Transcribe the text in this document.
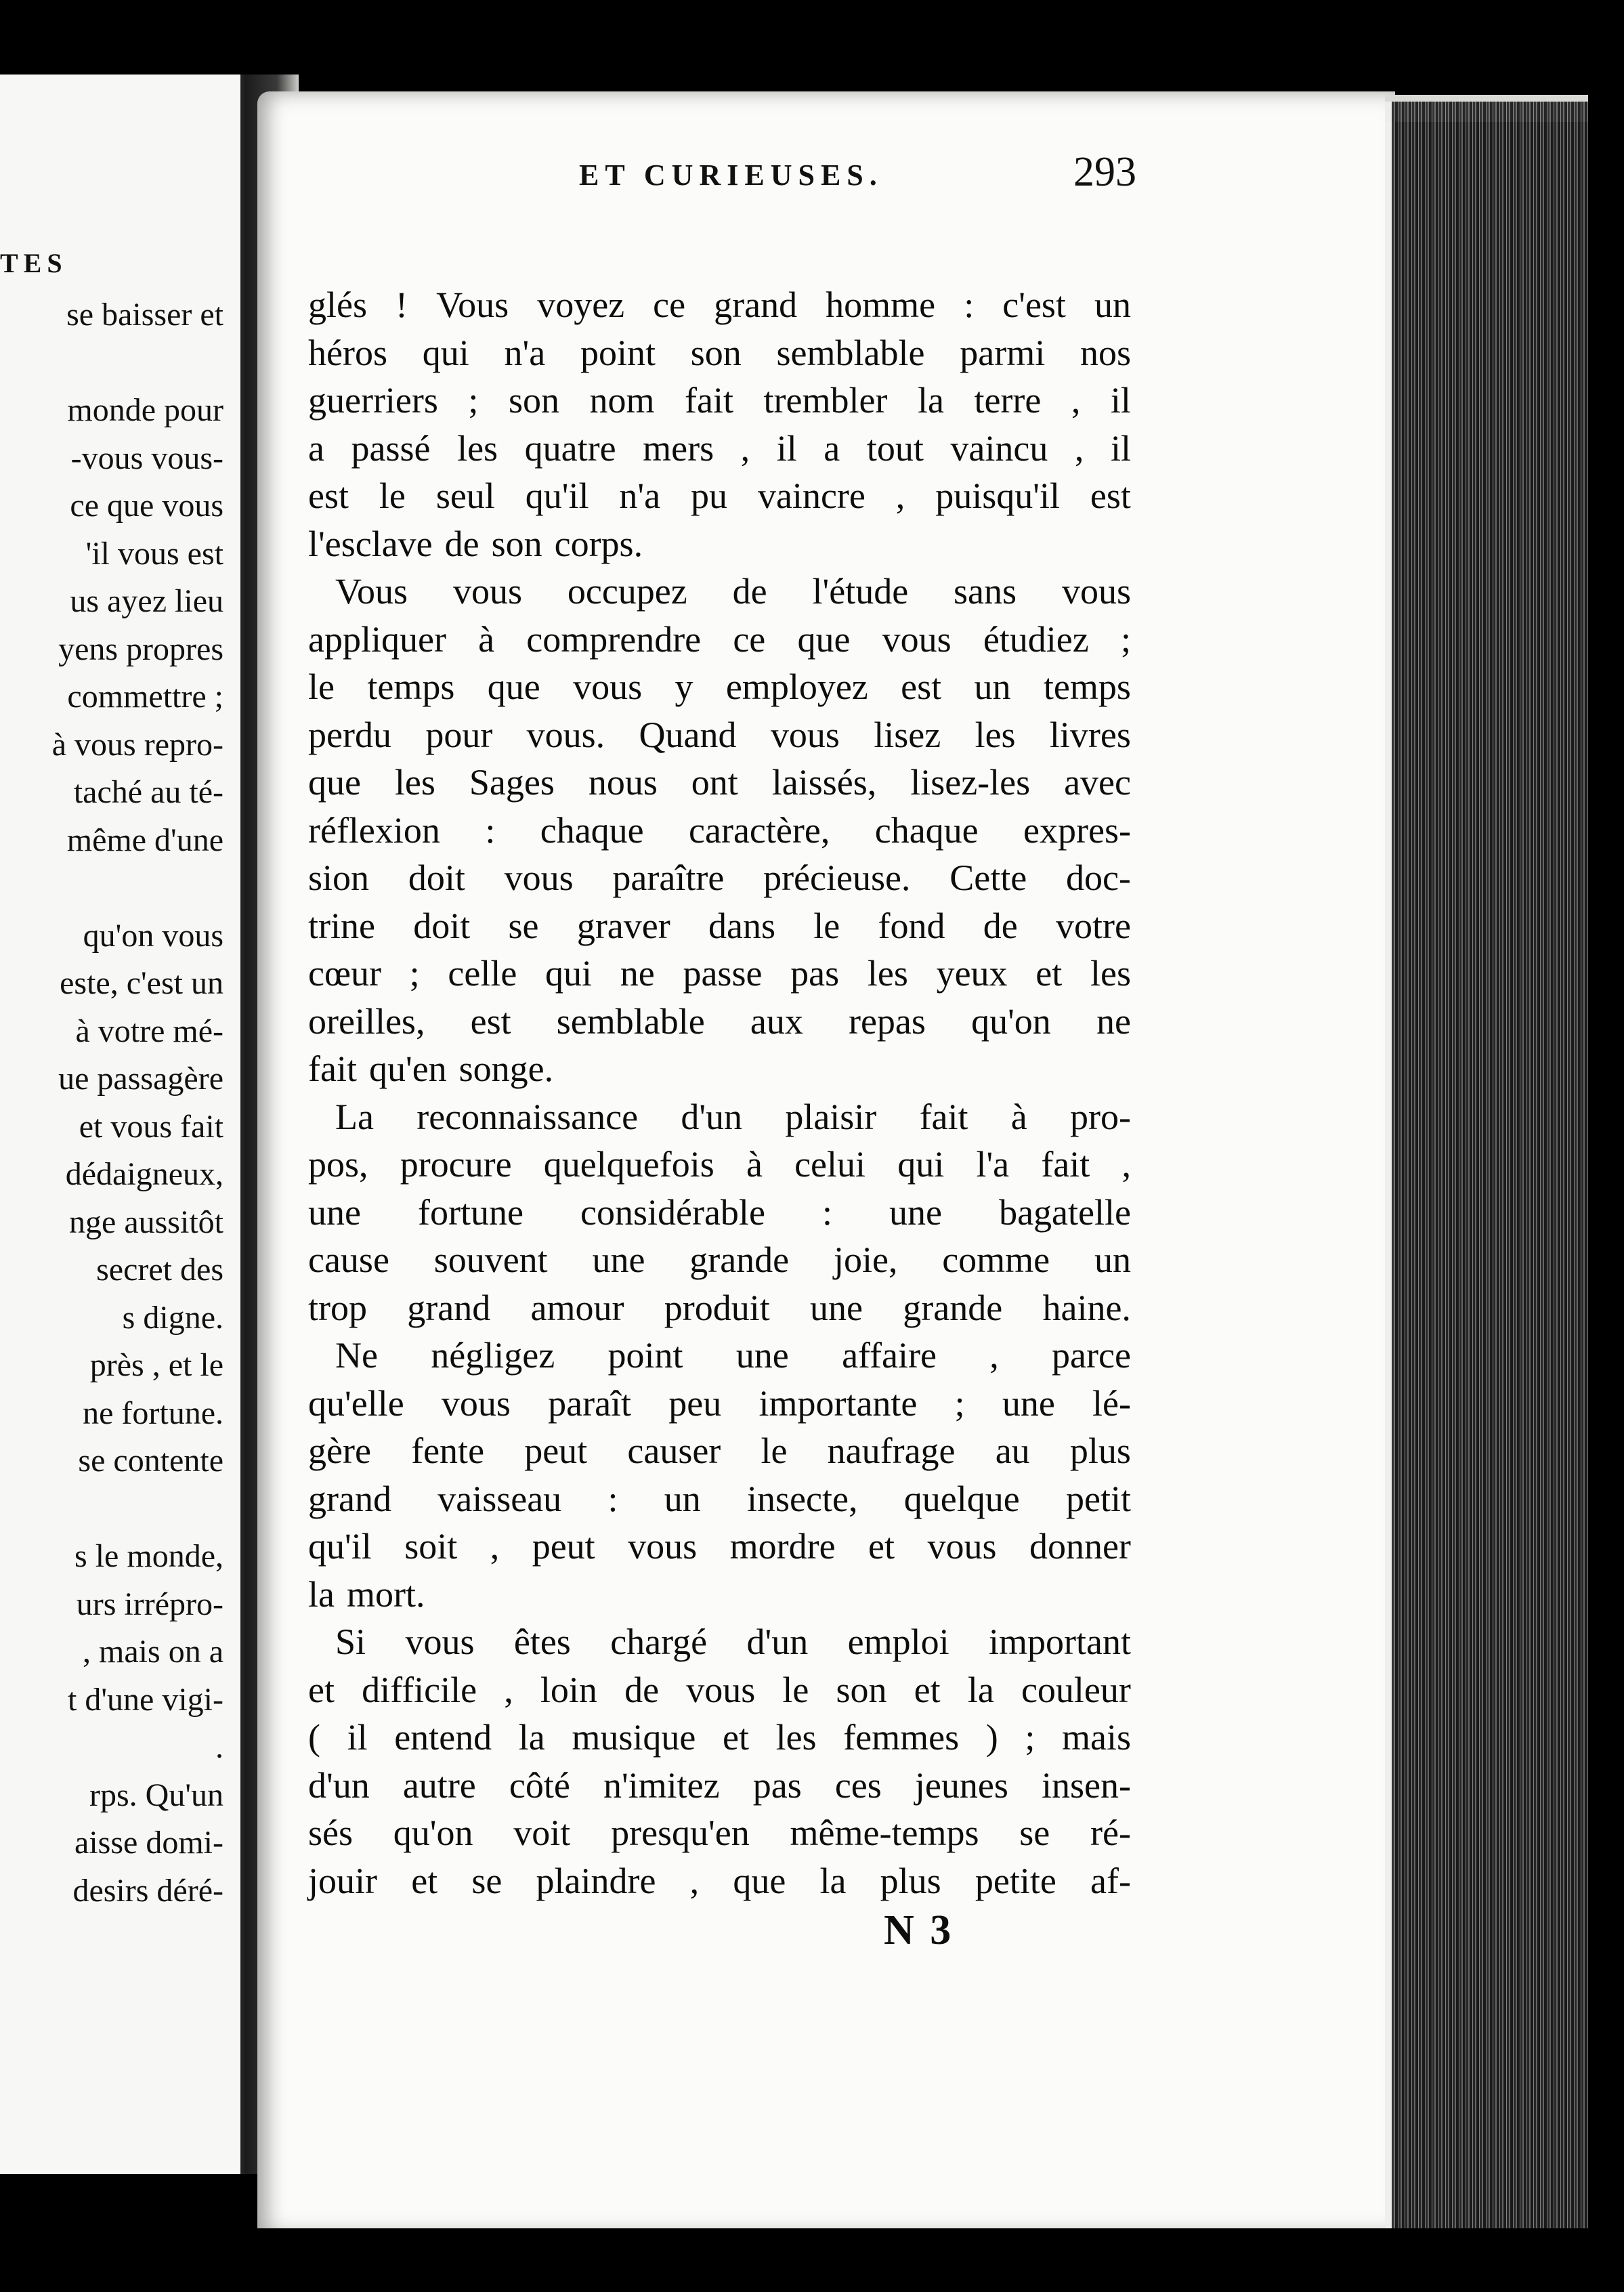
TES
se baisser et
monde pour
-vous vous-
ce que vous
'il vous est
us ayez lieu
yens propres
commettre ;
à vous repro-
taché au té-
même d'une
qu'on vous
este, c'est un
à votre mé-
ue passagère
et vous fait
dédaigneux,
nge aussitôt
secret des
s digne.
près , et le
ne fortune.
se contente
s le monde,
urs irrépro-
, mais on a
t d'une vigi-
.
rps. Qu'un
aisse domi-
desirs déré-
ET CURIEUSES.	293
glés ! Vous voyez ce grand homme : c'est un
héros qui n'a point son semblable parmi nos
guerriers ; son nom fait trembler la terre , il
a passé les quatre mers , il a tout vaincu , il
est le seul qu'il n'a pu vaincre , puisqu'il est
l'esclave de son corps.
Vous vous occupez de l'étude sans vous
appliquer à comprendre ce que vous étudiez ;
le temps que vous y employez est un temps
perdu pour vous. Quand vous lisez les livres
que les Sages nous ont laissés, lisez-les avec
réflexion : chaque caractère, chaque expres-
sion doit vous paraître précieuse. Cette doc-
trine doit se graver dans le fond de votre
cœur ; celle qui ne passe pas les yeux et les
oreilles, est semblable aux repas qu'on ne
fait qu'en songe.
La reconnaissance d'un plaisir fait à pro-
pos, procure quelquefois à celui qui l'a fait ,
une fortune considérable : une bagatelle
cause souvent une grande joie, comme un
trop grand amour produit une grande haine.
Ne négligez point une affaire , parce
qu'elle vous paraît peu importante ; une lé-
gère fente peut causer le naufrage au plus
grand vaisseau : un insecte, quelque petit
qu'il soit , peut vous mordre et vous donner
la mort.
Si vous êtes chargé d'un emploi important
et difficile , loin de vous le son et la couleur
( il entend la musique et les femmes ) ; mais
d'un autre côté n'imitez pas ces jeunes insen-
sés qu'on voit presqu'en même-temps se ré-
jouir et se plaindre , que la plus petite af-
N 3
